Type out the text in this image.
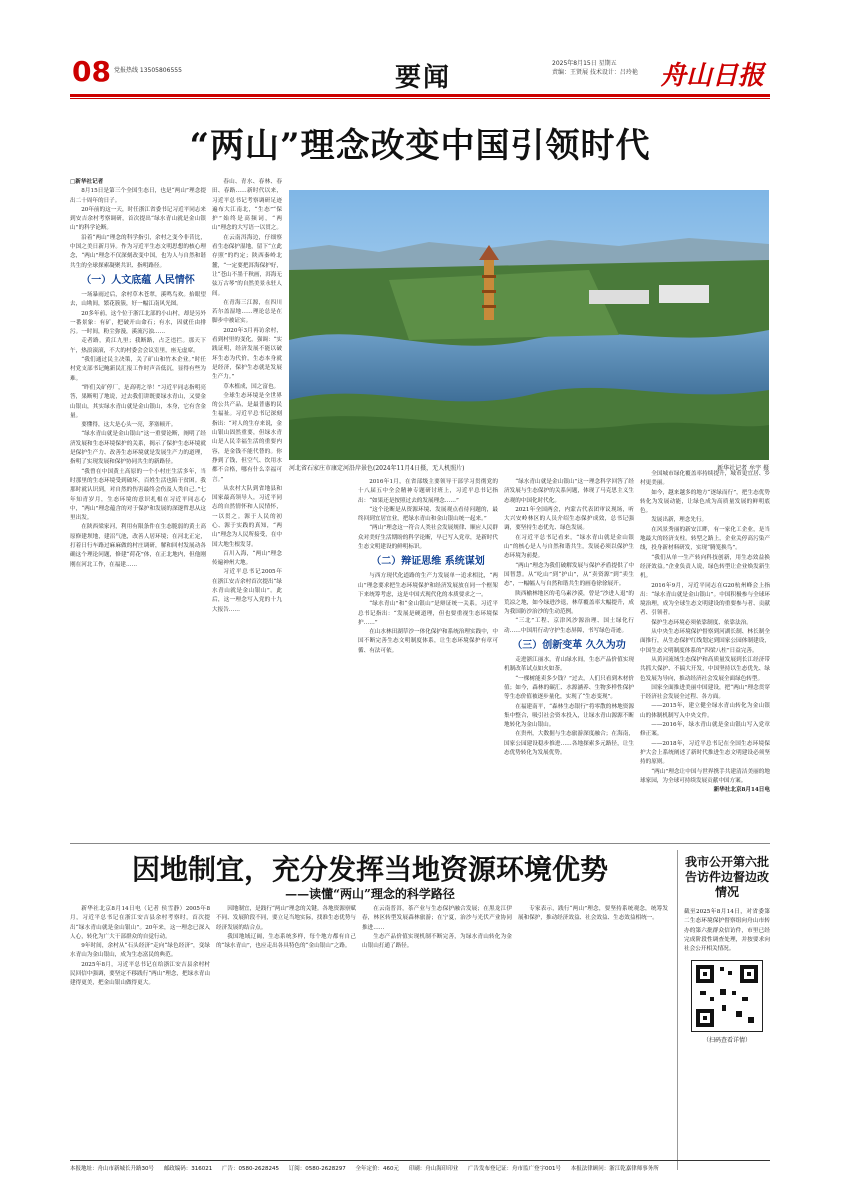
08 党报热线 13505806555	要闻	2025年8月15日 星期五
责编：王贤展 技术设计：吕玲艳 舟山日报
“两山”理念改变中国引领时代

□新华社记者

8月15日是第三个全国生态日，也是“两山”理念提出二十周年的日子。

20年前的这一天，时任浙江省委书记习近平同志来到安吉余村考察调研，首次提出“绿水青山就是金山银山”的科学论断。

沿着“两山”理念的科学指引，余村之变今非昔比，中国之美日新月异。作为习近平生态文明思想的核心理念，“两山”理念不仅深刻改变中国，也为人与自然和谐共生的全球探索凝聚共识、指明路径。

（一）人文底蕴 人民情怀

一场暴雨过后，余村草木苍翠，溪鸣鸟欢。抬眼望去，山坳间，繁花簇簇，好一幅江南风光图。

20多年前，这个位于浙江北部的小山村，却是另外一番景象：有矿，把破开山命石；有水，因就任由排污。一时间，粉尘弥漫，溪流污浊……

走者路，黄江九里；我断路，占乏违拦。那天下午，热浪滚滚，不大的村委会会议室里，座无虚席。

“我们通过民主决策，关了矿山和竹木企业。”时任村党支部书记鲍新民汇报工作时声音低沉，显得有些为难。

“昨们关矿停厂，是高明之举！”习近平同志指明亮答，果断明了地说，过去我们讲既要绿水青山，又要金山银山，其实绿水青山就是金山银山，本身，它有含金量。

要懂得，这大是心头一亮，茅塞顿开。

“绿水青山就是金山银山”这一重要论断，阐明了经济发展和生态环境保护的关系，揭示了保护生态环境就是保护生产力、改善生态环境就是发展生产力的道理，指明了实现发展和保护协同共生的新路径。

“我曾在中国黄土高原的一个小村庄生活多年，当时那里的生态环境受到破坏，百姓生活也陷于贫困。我那时就认识到，对自然的伤害最终会伤及人类自己。”七年知青岁月，生态环境的意识扎根在习近平同志心中，“两山”理念蕴含的对于保护和发展的深邃哲思从这里出发。

在陕西梁家河，利用有限条件在生态脆弱的黄土高原修建坝地，建沼气池，改善人居环境；在河北正定，打着日行车路过麻麻做的村庄调研，解和回村发展动各确这个理论问题，修建“荷花”体，在正北地内，但他刚刚在河北工作，在福建……

春山、青水、春林、春田、春路……新时代以来，习近平总书记考察调研足迹遍布大江南北，“生态”“保护”始终是高频词，“两山”理念的大写语一以贯之。

在云南洱海边，仔细察看生态保护湿地，留下“立此存照”的约定；陕西秦岭北麓，“一定要把洱海保护好，让“苍山不墨千秋画，洱海无弦万古琴”的自然美景永驻人间。

在青海三江源，在四川若尔盖湿地……理论总是在脚步中被证实。

2020年3月再访余村，看到村里的变化，强调：“实践证明，经济发展不能以破坏生态为代价，生态本身就是经济，保护生态就是发展生产力。”

草木植成，国之富也。

全球生态环境是全世界的公共产品，是最普惠的民生福祉。习近平总书记深刻指出：“对人的生存来说，金山银山固然重要，但绿水青山是人民幸福生活的重要内容，是金钱不能代替的。你挣到了钱，但空气、饮用水都不合格，哪有什么幸福可言。”

从农村大队到省地县和国家最高领导人，习近平同志的自然情怀和人民情怀，一以贯之。源于人民的初心、源于实践的真知，“两山”理念为人民所接受，在中国大地生根发芽。

百川入海，“两山”理念传遍神州大地。

习近平总书记2005年在浙江安吉余村首次提出“绿水青山就是金山银山”。此后，这一理念写入党的十九大报告……

河北省石家庄市康定河沿岸景色(2024年11月4日摄，无人机照片)	新华社记者 牟宇 摄

2016年1月，在省部级主要领导干部学习贯彻党的十八届五中全会精神专题研讨班上，习近平总书记指出：“如果还是按照过去的发展理念……”

“这个论断是从资源环境、发展观点看待问题的，最终回到宜居宜业，把绿水青山和金山银山统一起来。”

“两山”理念这一符合人类社会发展规律、顺应人民群众对美好生活期盼的科学论断，早已写入党章，是新时代生态文明建设的鲜明标识。

（二）辩证思维 系统谋划

与西方现代化道路的生产力发展单一追求相比，“两山”理念要求把生态环境保护和经济发展放在同一个框架下来统筹考虑，这是中国式现代化的本质要求之一。

“绿水青山”和“金山银山”是辩证统一关系。习近平总书记指出：“发展是硬道理，但也要重视生态环境保护……”

在山水林田湖草沙一体化保护和系统治理实践中，中国不断完善生态文明制度体系，让生态环境保护有章可循、有法可依。

“绿水青山就是金山银山”这一理念科学回答了经济发展与生态保护的关系问题，体现了马克思主义生态观的中国化时代化。

2021年全国两会，内蒙古代表团审议现场，听大兴安岭林区的人员介绍生态保护成效，总书记强调，要坚持生态优先、绿色发展。

在习近平总书记看来，“绿水青山就是金山银山”的核心是人与自然和谐共生，发展必须以保护生态环境为前提。

“两山”理念为我们破解发展与保护矛盾提供了中国智慧。从“吃山”到“护山”，从“卖资源”到“卖生态”，一幅幅人与自然和谐共生的画卷徐徐展开。

陕西榆林地区的毛乌素沙漠，曾是“沙进人退”的荒凉之地，如今绿进沙退，林草覆盖率大幅提升，成为我国防沙治沙的生动范例。

“三北”工程、京津风沙源治理、国土绿化行动……中国用行动守护生态屏障，书写绿色奇迹。

（三）创新变革 久久为功

走进浙江丽水，青山绿水间，生态产品价值实现机制改革试点如火如荼。

“一棵树能卖多少钱？”过去，人们只看到木材价值；如今，森林的碳汇、水源涵养、生物多样性保护等生态价值被逐步量化，实现了“生态变现”。

在福建南平，“森林生态银行”将零散的林地资源集中整合，吸引社会资本投入，让绿水青山源源不断地转化为金山银山。

在贵州，大数据与生态旅游深度融合；在海南，国家公园建设稳步推进……各地探索多元路径，让生态优势转化为发展优势。

全国城市绿化覆盖率持续提升，城市更宜居、乡村更美丽。

如今，越来越多的地方“逐绿而行”，把生态优势转化为发展动能，让绿色成为高质量发展的鲜明底色。

发展出新，理念先行。

在风景秀丽的新安江畔，有一家化工企业，是当地最大的经济支柱。转型之路上，企业关停高污染产线，投身新材料研发，实现“腾笼换鸟”。

“我们从单一生产转向科技创新，用生态效益换经济效益。”企业负责人说，绿色转型让企业焕发新生机。

2016年9月，习近平同志在G20杭州峰会上指出：“绿水青山就是金山银山”。中国积极参与全球环境治理，成为全球生态文明建设的重要参与者、贡献者、引领者。

保护生态环境必须依靠制度、依靠法治。

从中央生态环境保护督察到河湖长制、林长制全面推行，从生态保护红线划定到国家公园体制建设，中国生态文明制度体系的“四梁八柱”日益完善。

从黄河流域生态保护和高质量发展到长江经济带共抓大保护、不搞大开发，中国坚持以生态优先、绿色发展为导向，推动经济社会发展全面绿色转型。

国家全面推进美丽中国建设，把“两山”理念贯穿于经济社会发展全过程、各方面。

——2015年，建立健全绿水青山转化为金山银山的体制机制写入中央文件。

——2016年，绿水青山就是金山银山写入党章修正案。

——2018年，习近平总书记在全国生态环境保护大会上系统阐述了新时代推进生态文明建设必须坚持的原则。

“两山”理念让中国与世界携手共建清洁美丽的地球家园，为全球可持续发展贡献中国方案。

新华社北京8月14日电

因地制宜，充分发挥当地资源环境优势
——读懂“两山”理念的科学路径

新华社北京8月14日电（记者 侯雪静）2005年8月，习近平总书记在浙江安吉县余村考察时，首次提出“绿水青山就是金山银山”。20年来，这一理念已深入人心，转化为广大干部群众的自觉行动。

9年时间，余村从“石头经济”走向“绿色经济”，变绿水青山为金山银山，成为生态富民的典范。

2025年8月，习近平总书记在给浙江安吉县余村村民回信中强调，要坚定不移践行“两山”理念，把绿水青山建得更美，把金山银山做得更大。

因地制宜，是践行“两山”理念的关键。各地资源禀赋不同、发展阶段不同，要立足当地实际，找准生态优势与经济发展的结合点。

我国地域辽阔，生态系统多样，每个地方都有自己的“绿水青山”，也应走出各具特色的“金山银山”之路。

在云南普洱，茶产业与生态保护融合发展；在黑龙江伊春，林区转型发展森林旅游；在宁夏，治沙与光伏产业协同推进……

生态产品价值实现机制不断完善，为绿水青山转化为金山银山打通了路径。

专家表示，践行“两山”理念，要坚持系统观念，统筹发展和保护，推动经济效益、社会效益、生态效益相统一。

我市公开第六批告访件边督边改情况
截至2025年8月14日，对省委第二生态环境保护督察组向舟山市转办的第六批群众信访件，市里已经完成阶段性调查处理，并按要求向社会公开相关情况。
（扫码查看详情）
本报地址：舟山市新城长升路30号 邮政编码：316021 广告：0580-2628245 订阅：0580-2628297 全年定价：460元 印刷：舟山海印印业 广告发布登记证：舟市监广登字001号 本报法律顾问：浙江乾嘉律师事务所
